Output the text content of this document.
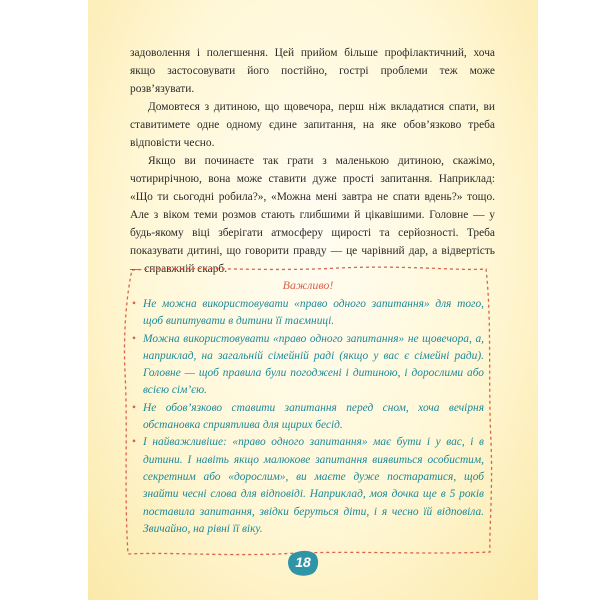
задоволення і полегшення. Цей прийом більше профілактичний, хоча якщо застосовувати його постійно, гострі проблеми теж може розв’язувати.

Домовтеся з дитиною, що щовечора, перш ніж вкладатися спати, ви ставитимете одне одному єдине запитання, на яке обов’язково треба відповісти чесно.

Якщо ви починаєте так грати з маленькою дитиною, скажімо, чотирирічною, вона може ставити дуже прості запитання. Наприклад: «Що ти сьогодні робила?», «Можна мені завтра не спати вдень?» тощо. Але з віком теми розмов стають глибшими й цікавішими. Головне — у будь-якому віці зберігати атмосферу щирості та серйозності. Треба показувати дитині, що говорити правду — це чарівний дар, а відвертість — справжній скарб.

Важливо!
• Не можна використовувати «право одного запитання» для того, щоб випитувати в дитини її таємниці.
• Можна використовувати «право одного запитання» не щовечора, а, наприклад, на загальній сімейній раді (якщо у вас є сімейні ради). Головне — щоб правила були погоджені і дитиною, і дорослими або всією сім’єю.
• Не обов’язково ставити запитання перед сном, хоча вечірня обстановка сприятлива для щирих бесід.
• І найважливіше: «право одного запитання» має бути і у вас, і в дитини. І навіть якщо малюкове запитання виявиться особистим, секретним або «дорослим», ви маєте дуже постаратися, щоб знайти чесні слова для відповіді. Наприклад, моя дочка ще в 5 років поставила запитання, звідки беруться діти, і я чесно їй відповіла. Звичайно, на рівні її віку.
18
